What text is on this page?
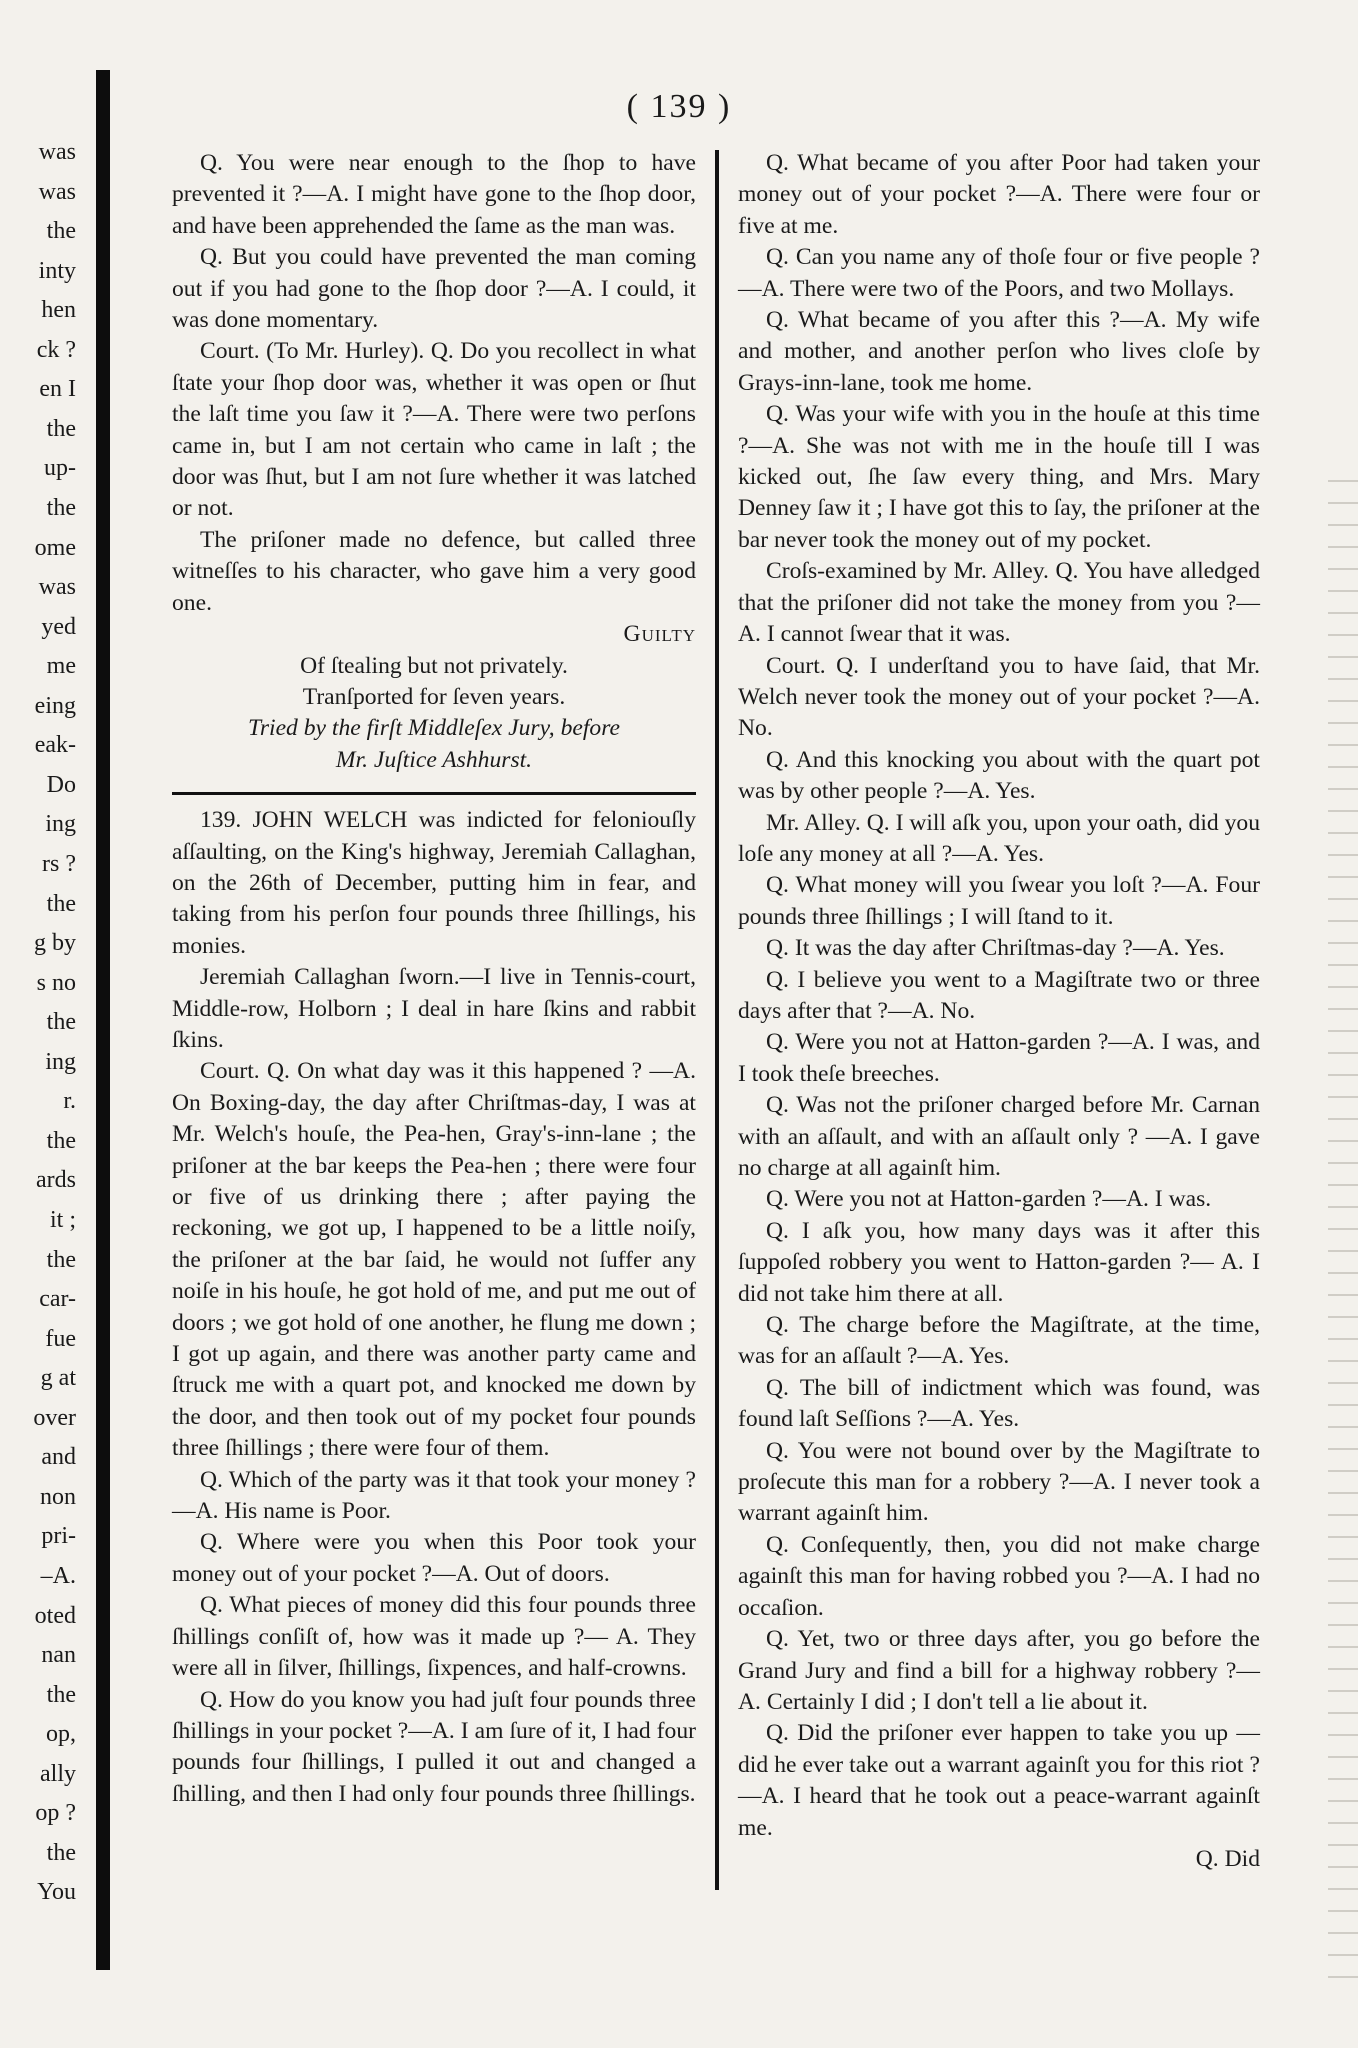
was
was
the
inty
hen
ck ?
en I
the
up-
the
ome
was
yed
me
eing
eak-
Do
ing
rs ?
the
g by
s no
the
ing
r.
the
ards
it ;
the
car-
fue
g at
over
and
non
pri-
–A.
oted
nan
the
op,
ally
op ?
the
You
( 139 )

Q. You were near enough to the ſhop to have prevented it ?—A. I might have gone to the ſhop door, and have been apprehended the ſame as the man was.

Q. But you could have prevented the man coming out if you had gone to the ſhop door ?—A. I could, it was done momentary.

Court. (To Mr. Hurley). Q. Do you recollect in what ſtate your ſhop door was, whether it was open or ſhut the laſt time you ſaw it ?—A. There were two perſons came in, but I am not certain who came in laſt ; the door was ſhut, but I am not ſure whether it was latched or not.

The priſoner made no defence, but called three witneſſes to his character, who gave him a very good one.

Guilty

Of ſtealing but not privately.

Tranſported for ſeven years.

Tried by the firſt Middleſex Jury, before

Mr. Juſtice Ashhurst.

139. JOHN WELCH was indicted for feloniouſly aſſaulting, on the King's highway, Jeremiah Callaghan, on the 26th of December, putting him in fear, and taking from his perſon four pounds three ſhillings, his monies.

Jeremiah Callaghan ſworn.—I live in Tennis-court, Middle-row, Holborn ; I deal in hare ſkins and rabbit ſkins.

Court. Q. On what day was it this happened ? —A. On Boxing-day, the day after Chriſtmas-day, I was at Mr. Welch's houſe, the Pea-hen, Gray's-inn-lane ; the priſoner at the bar keeps the Pea-hen ; there were four or five of us drinking there ; after paying the reckoning, we got up, I happened to be a little noiſy, the priſoner at the bar ſaid, he would not ſuffer any noiſe in his houſe, he got hold of me, and put me out of doors ; we got hold of one another, he flung me down ; I got up again, and there was another party came and ſtruck me with a quart pot, and knocked me down by the door, and then took out of my pocket four pounds three ſhillings ; there were four of them.

Q. Which of the party was it that took your money ?—A. His name is Poor.

Q. Where were you when this Poor took your money out of your pocket ?—A. Out of doors.

Q. What pieces of money did this four pounds three ſhillings conſiſt of, how was it made up ?— A. They were all in ſilver, ſhillings, ſixpences, and half-crowns.

Q. How do you know you had juſt four pounds three ſhillings in your pocket ?—A. I am ſure of it, I had four pounds four ſhillings, I pulled it out and changed a ſhilling, and then I had only four pounds three ſhillings.

Q. What became of you after Poor had taken your money out of your pocket ?—A. There were four or five at me.

Q. Can you name any of thoſe four or five people ?—A. There were two of the Poors, and two Mollays.

Q. What became of you after this ?—A. My wife and mother, and another perſon who lives cloſe by Grays-inn-lane, took me home.

Q. Was your wife with you in the houſe at this time ?—A. She was not with me in the houſe till I was kicked out, ſhe ſaw every thing, and Mrs. Mary Denney ſaw it ; I have got this to ſay, the priſoner at the bar never took the money out of my pocket.

Croſs-examined by Mr. Alley. Q. You have alledged that the priſoner did not take the money from you ?—A. I cannot ſwear that it was.

Court. Q. I underſtand you to have ſaid, that Mr. Welch never took the money out of your pocket ?—A. No.

Q. And this knocking you about with the quart pot was by other people ?—A. Yes.

Mr. Alley. Q. I will aſk you, upon your oath, did you loſe any money at all ?—A. Yes.

Q. What money will you ſwear you loſt ?—A. Four pounds three ſhillings ; I will ſtand to it.

Q. It was the day after Chriſtmas-day ?—A. Yes.

Q. I believe you went to a Magiſtrate two or three days after that ?—A. No.

Q. Were you not at Hatton-garden ?—A. I was, and I took theſe breeches.

Q. Was not the priſoner charged before Mr. Carnan with an aſſault, and with an aſſault only ? —A. I gave no charge at all againſt him.

Q. Were you not at Hatton-garden ?—A. I was.

Q. I aſk you, how many days was it after this ſuppoſed robbery you went to Hatton-garden ?— A. I did not take him there at all.

Q. The charge before the Magiſtrate, at the time, was for an aſſault ?—A. Yes.

Q. The bill of indictment which was found, was found laſt Seſſions ?—A. Yes.

Q. You were not bound over by the Magiſtrate to proſecute this man for a robbery ?—A. I never took a warrant againſt him.

Q. Conſequently, then, you did not make charge againſt this man for having robbed you ?—A. I had no occaſion.

Q. Yet, two or three days after, you go before the Grand Jury and find a bill for a highway robbery ?—A. Certainly I did ; I don't tell a lie about it.

Q. Did the priſoner ever happen to take you up —did he ever take out a warrant againſt you for this riot ?—A. I heard that he took out a peace-warrant againſt me.

Q. Did
